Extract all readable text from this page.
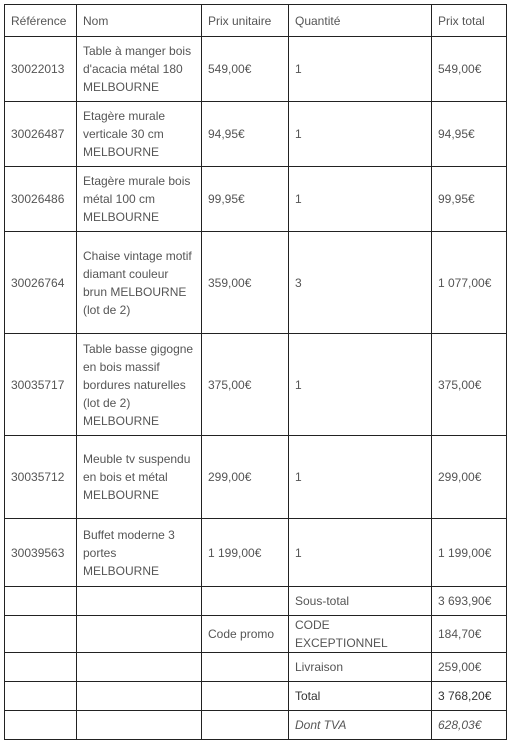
Référence	Nom	Prix unitaire	Quantité	Prix total
30022013	Table à manger bois d'acacia métal 180 MELBOURNE	549,00€	1	549,00€
30026487	Etagère murale verticale 30 cm MELBOURNE	94,95€	1	94,95€
30026486	Etagère murale bois métal 100 cm MELBOURNE	99,95€	1	99,95€
30026764	Chaise vintage motif diamant couleur brun MELBOURNE (lot de 2)	359,00€	3	1 077,00€
30035717	Table basse gigogne en bois massif bordures naturelles (lot de 2) MELBOURNE	375,00€	1	375,00€
30035712	Meuble tv suspendu en bois et métal MELBOURNE	299,00€	1	299,00€
30039563	Buffet moderne 3 portes MELBOURNE	1 199,00€	1	1 199,00€
			Sous-total	3 693,90€
		Code promo	CODE EXCEPTIONNEL	184,70€
			Livraison	259,00€
			Total	3 768,20€
			Dont TVA	628,03€
